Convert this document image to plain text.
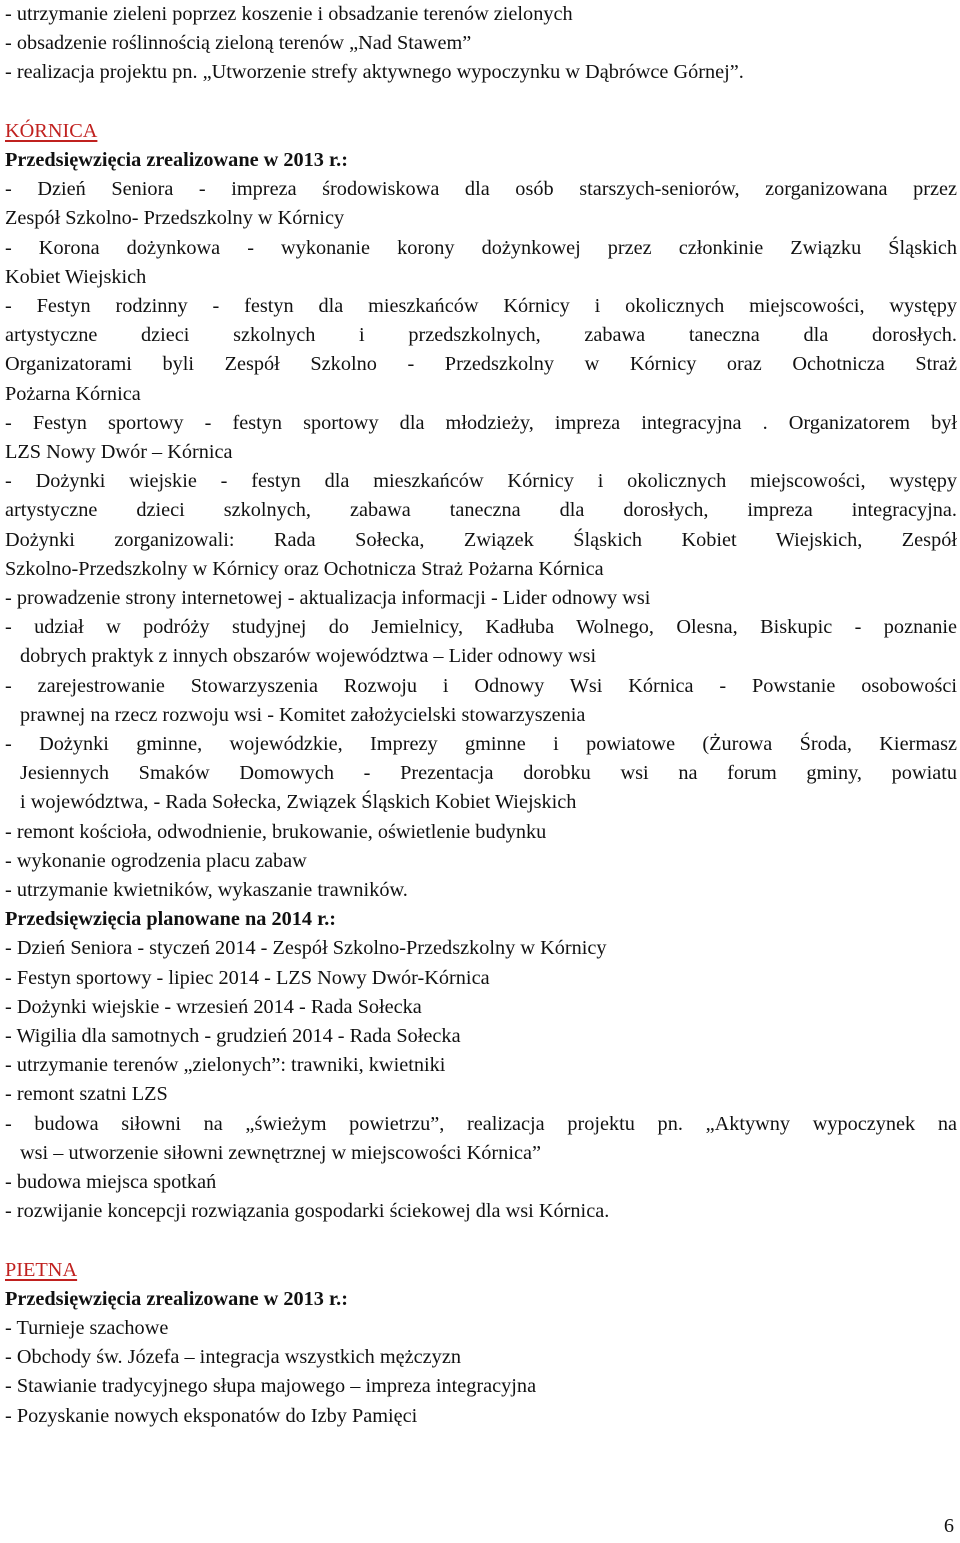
- utrzymanie zieleni poprzez koszenie i obsadzanie terenów zielonych
- obsadzenie roślinnością zieloną terenów „Nad Stawem”
- realizacja projektu pn. „Utworzenie strefy aktywnego wypoczynku w Dąbrówce Górnej”.
KÓRNICA
Przedsięwzięcia zrealizowane w 2013 r.:
- Dzień Seniora - impreza środowiskowa dla osób starszych-seniorów, zorganizowana przez
Zespół Szkolno- Przedszkolny w Kórnicy
- Korona dożynkowa - wykonanie korony dożynkowej przez członkinie Związku Śląskich
Kobiet Wiejskich
- Festyn rodzinny - festyn dla mieszkańców Kórnicy i okolicznych miejscowości, występy
artystyczne dzieci szkolnych i przedszkolnych, zabawa taneczna dla dorosłych.
Organizatorami byli Zespół Szkolno - Przedszkolny w Kórnicy oraz Ochotnicza Straż
Pożarna Kórnica
- Festyn sportowy - festyn sportowy dla młodzieży, impreza integracyjna . Organizatorem był
LZS Nowy Dwór – Kórnica
- Dożynki wiejskie - festyn dla mieszkańców Kórnicy i okolicznych miejscowości, występy
artystyczne dzieci szkolnych, zabawa taneczna dla dorosłych, impreza integracyjna.
Dożynki zorganizowali: Rada Sołecka, Związek Śląskich Kobiet Wiejskich, Zespół
Szkolno-Przedszkolny w Kórnicy oraz Ochotnicza Straż Pożarna Kórnica
- prowadzenie strony internetowej - aktualizacja informacji - Lider odnowy wsi
- udział w podróży studyjnej do Jemielnicy, Kadłuba Wolnego, Olesna, Biskupic - poznanie
dobrych praktyk z innych obszarów województwa – Lider odnowy wsi
- zarejestrowanie Stowarzyszenia Rozwoju i Odnowy Wsi Kórnica - Powstanie osobowości
prawnej na rzecz rozwoju wsi - Komitet założycielski stowarzyszenia
- Dożynki gminne, wojewódzkie, Imprezy gminne i powiatowe (Żurowa Środa, Kiermasz
Jesiennych Smaków Domowych - Prezentacja dorobku wsi na forum gminy, powiatu
i województwa, - Rada Sołecka, Związek Śląskich Kobiet Wiejskich
- remont kościoła, odwodnienie, brukowanie, oświetlenie budynku
- wykonanie ogrodzenia placu zabaw
- utrzymanie kwietników, wykaszanie trawników.
Przedsięwzięcia planowane na 2014 r.:
- Dzień Seniora - styczeń 2014 - Zespół Szkolno-Przedszkolny w Kórnicy
- Festyn sportowy - lipiec 2014 - LZS Nowy Dwór-Kórnica
- Dożynki wiejskie - wrzesień 2014 - Rada Sołecka
- Wigilia dla samotnych - grudzień 2014 - Rada Sołecka
- utrzymanie terenów „zielonych”: trawniki, kwietniki
- remont szatni LZS
- budowa siłowni na „świeżym powietrzu”, realizacja projektu pn. „Aktywny wypoczynek na
wsi – utworzenie siłowni zewnętrznej w miejscowości Kórnica”
- budowa miejsca spotkań
- rozwijanie koncepcji rozwiązania gospodarki ściekowej dla wsi Kórnica.
PIETNA
Przedsięwzięcia zrealizowane w 2013 r.:
- Turnieje szachowe
- Obchody św. Józefa – integracja wszystkich mężczyzn
- Stawianie tradycyjnego słupa majowego – impreza integracyjna
- Pozyskanie nowych eksponatów do Izby Pamięci
6
